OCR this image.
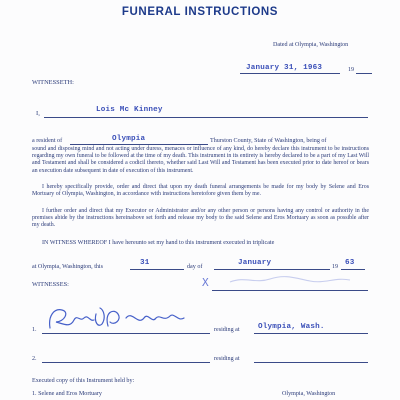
FUNERAL INSTRUCTIONS
Dated at Olympia, Washington
January 31, 1963	19
WITNESSETH:
I,	Lois Mc Kinney
a resident of	Olympia	Thurston County, State of Washington, being of
sound and disposing mind and not acting under duress, menaces or influence of any kind, do hereby declare this instrument to be instructions regarding my own funeral to be followed at the time of my death. This instrument in its entirety is hereby declared to be a part of my Last Will and Testament and shall be considered a codicil thereto, whether said Last Will and Testament has been executed prior to date hereof or bears an execution date subsequent in date of execution of this instrument.
I hereby specifically provide, order and direct that upon my death funeral arrangements be made for my body by Selene and Eros Mortuary of Olympia, Washington, in accordance with instructions heretofore given them by me.
I further order and direct that my Executor or Administrator and/or any other person or persons having any control or authority in the premises abide by the instructions hereinabove set forth and release my body to the said Selene and Eros Mortuary as soon as possible after my death.
IN WITNESS WHEREOF I have hereunto set my hand to this instrument executed in triplicate
at Olympia, Washington, this	31	day of	January	19 63
WITNESSES:	X
1.	residing at Olympia, Wash.
2.	residing at
Executed copy of this Instrument held by:
1. Selene and Eros Mortuary	Olympia, Washington
